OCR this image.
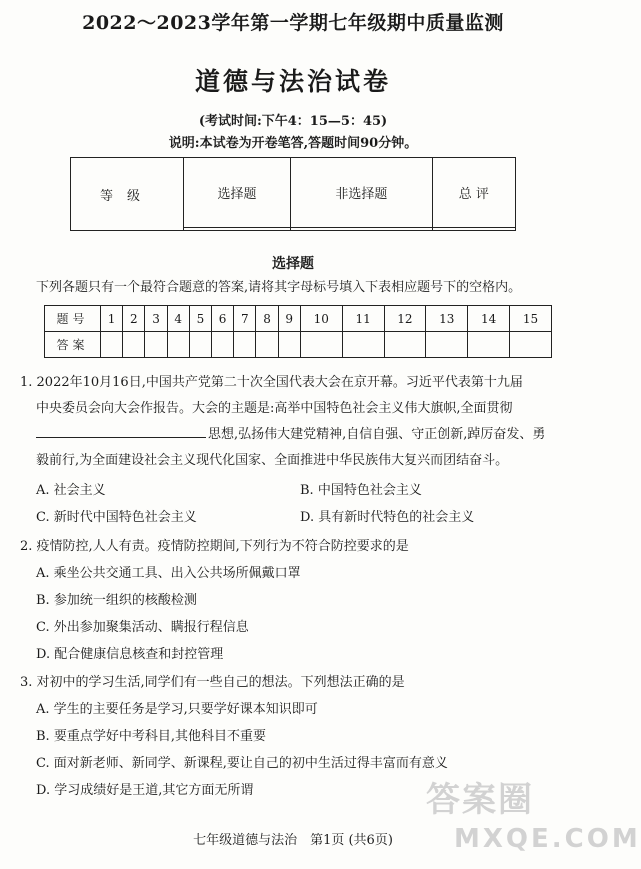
2022～2023学年第一学期七年级期中质量监测
道德与法治试卷
(考试时间:下午4：15—5：45)
说明:本试卷为开卷笔答,答题时间90分钟。
等级	选择题	非选择题	总 评

选择题
下列各题只有一个最符合题意的答案,请将其字母标号填入下表相应题号下的空格内。
题号	1	2	3	4	5	6	7	8	9	10	11	12	13	14	15
答案															
1. 2022年10月16日,中国共产党第二十次全国代表大会在京开幕。习近平代表第十九届
中央委员会向大会作报告。大会的主题是:高举中国特色社会主义伟大旗帜,全面贯彻
思想,弘扬伟大建党精神,自信自强、守正创新,踔厉奋发、勇
毅前行,为全面建设社会主义现代化国家、全面推进中华民族伟大复兴而团结奋斗。
A. 社会主义	B. 中国特色社会主义
C. 新时代中国特色社会主义	D. 具有新时代特色的社会主义
2. 疫情防控,人人有责。疫情防控期间,下列行为不符合防控要求的是
A. 乘坐公共交通工具、出入公共场所佩戴口罩
B. 参加统一组织的核酸检测
C. 外出参加聚集活动、瞒报行程信息
D. 配合健康信息核查和封控管理
3. 对初中的学习生活,同学们有一些自己的想法。下列想法正确的是
A. 学生的主要任务是学习,只要学好课本知识即可
B. 要重点学好中考科目,其他科目不重要
C. 面对新老师、新同学、新课程,要让自己的初中生活过得丰富而有意义
D. 学习成绩好是王道,其它方面无所谓
七年级道德与法治　第1页 (共6页)
答案圈
MXQE.COM
